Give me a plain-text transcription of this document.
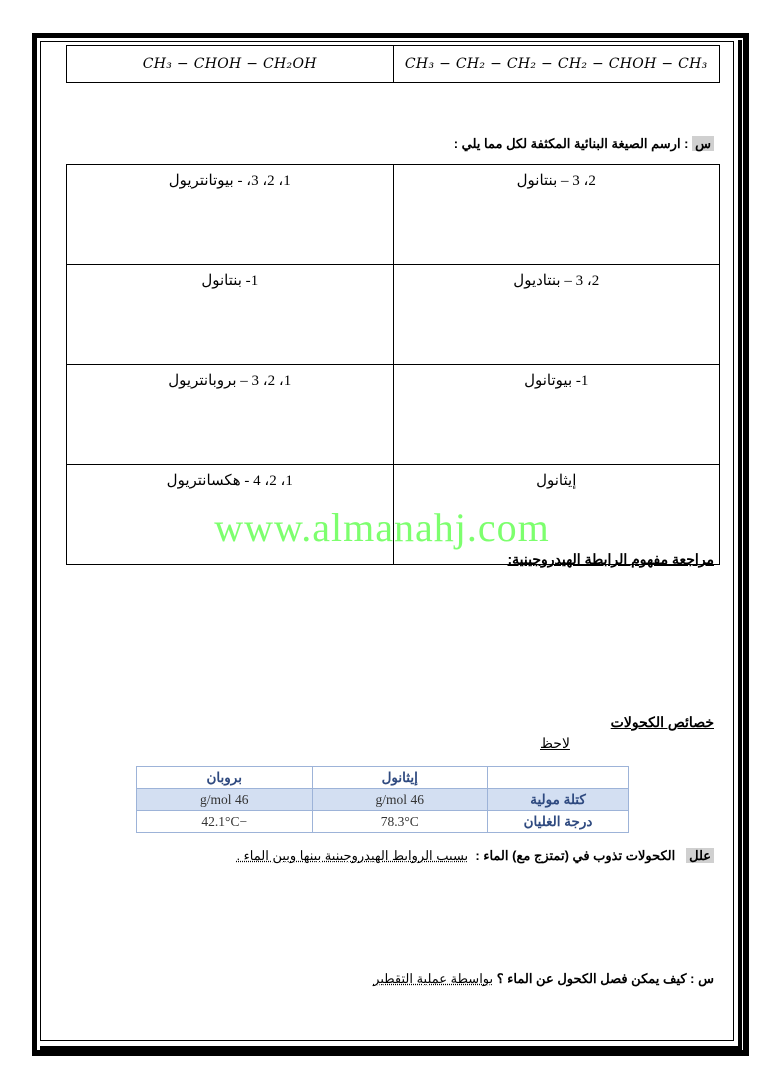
CH₃ − CH₂ − CH₂ − CH₂ − CHOH − CH₃	CH₃ − CHOH − CH₂OH
س : ارسم الصيغة البنائية المكثفة لكل مما يلي :
2، 3 – بنتانول	1، 2، 3، - بيوتانتريول
2، 3 – بنتاديول	1- بنتانول
1- بيوتانول	1، 2، 3 – بروبانتريول
إيثانول	1، 2، 4 - هكسانتريول
www.almanahj.com
مراجعة مفهوم الرابطة الهيدروجينية:
خصائص الكحولات
لاحظ
	إيثانول	بروبان
كتلة مولية	46 g/mol	46 g/mol
درجة الغليان	78.3°C	−42.1°C
علل   الكحولات تذوب في (تمتزج مع) الماء :  بسبب الروابط الهيدروجينية بينها وبين الماء .
س : كيف يمكن فصل الكحول عن الماء ؟ بواسطة عملية التقطير
